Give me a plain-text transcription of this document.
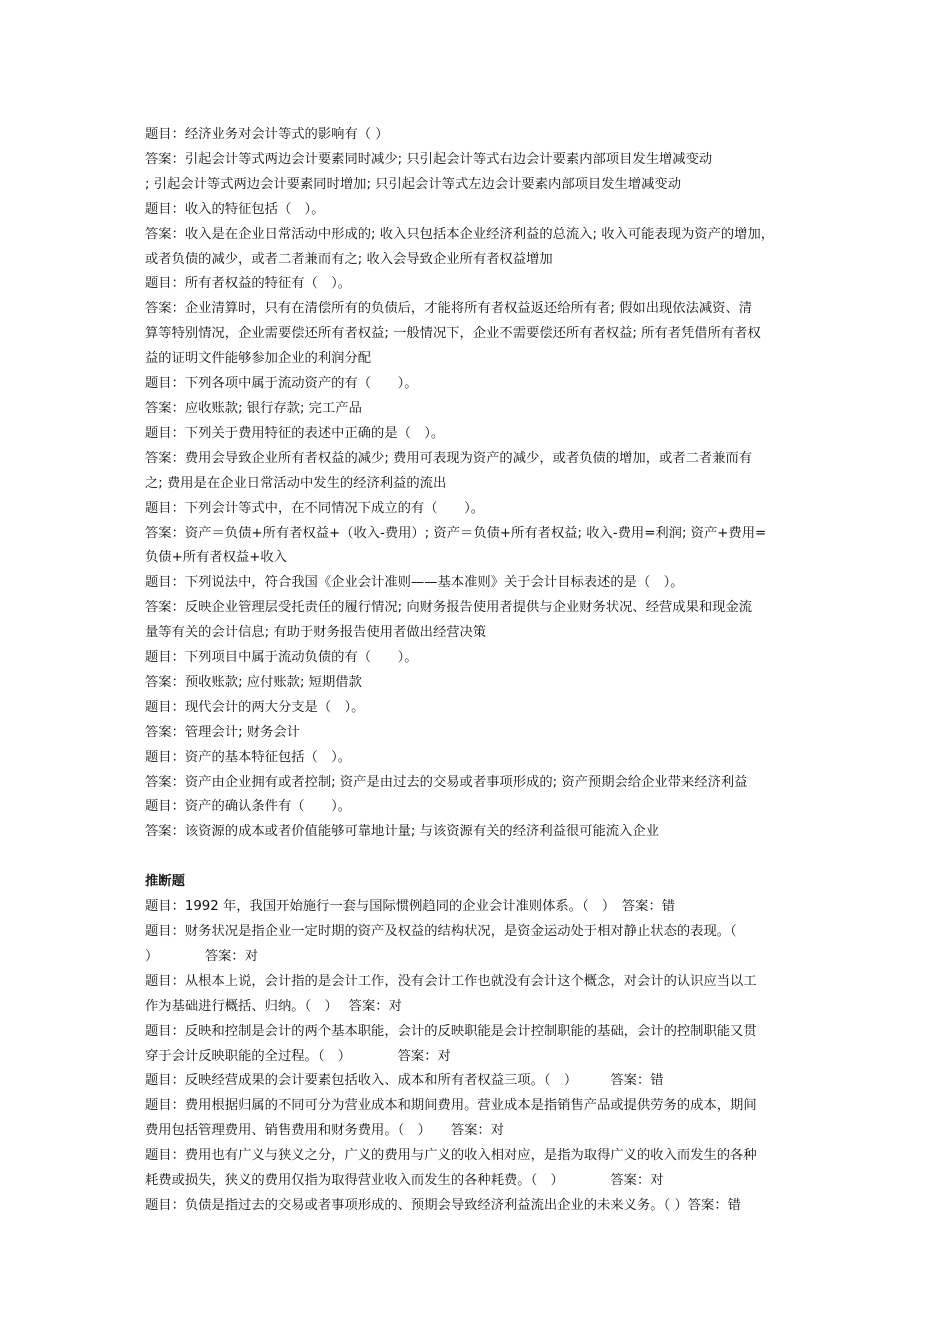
题目：经济业务对会计等式的影响有（ ）

答案：引起会计等式两边会计要素同时减少; 只引起会计等式右边会计要素内部项目发生增减变动

; 引起会计等式两边会计要素同时增加; 只引起会计等式左边会计要素内部项目发生增减变动

题目：收入的特征包括（　）。

答案：收入是在企业日常活动中形成的; 收入只包括本企业经济利益的总流入; 收入可能表现为资产的增加，

或者负债的减少，或者二者兼而有之; 收入会导致企业所有者权益增加

题目：所有者权益的特征有（　）。

答案：企业清算时，只有在清偿所有的负债后，才能将所有者权益返还给所有者; 假如出现依法减资、清

算等特别情况，企业需要偿还所有者权益; 一般情况下，企业不需要偿还所有者权益; 所有者凭借所有者权

益的证明文件能够参加企业的利润分配

题目：下列各项中属于流动资产的有（　　）。

答案：应收账款; 银行存款; 完工产品

题目：下列关于费用特征的表述中正确的是（　）。

答案：费用会导致企业所有者权益的减少; 费用可表现为资产的减少，或者负债的增加，或者二者兼而有

之; 费用是在企业日常活动中发生的经济利益的流出

题目：下列会计等式中，在不同情况下成立的有（　　）。

答案：资产＝负债+所有者权益+（收入-费用）; 资产＝负债+所有者权益; 收入-费用=利润; 资产+费用=

负债+所有者权益+收入

题目：下列说法中，符合我国《企业会计准则——基本准则》关于会计目标表述的是（　）。

答案：反映企业管理层受托责任的履行情况; 向财务报告使用者提供与企业财务状况、经营成果和现金流

量等有关的会计信息; 有助于财务报告使用者做出经营决策

题目：下列项目中属于流动负债的有（　　）。

答案：预收账款; 应付账款; 短期借款

题目：现代会计的两大分支是（　）。

答案：管理会计; 财务会计

题目：资产的基本特征包括（　）。

答案：资产由企业拥有或者控制; 资产是由过去的交易或者事项形成的; 资产预期会给企业带来经济利益

题目：资产的确认条件有（　　）。

答案：该资源的成本或者价值能够可靠地计量; 与该资源有关的经济利益很可能流入企业

推断题

题目：1992 年，我国开始施行一套与国际惯例趋同的企业会计准则体系。（　）　答案：错

题目：财务状况是指企业一定时期的资产及权益的结构状况，是资金运动处于相对静止状态的表现。（

）　　　　答案：对

题目：从根本上说，会计指的是会计工作，没有会计工作也就没有会计这个概念，对会计的认识应当以工

作为基础进行概括、归纳。（　）　 答案：对

题目：反映和控制是会计的两个基本职能，会计的反映职能是会计控制职能的基础，会计的控制职能又贯

穿于会计反映职能的全过程。（　）　　　　答案：对

题目：反映经营成果的会计要素包括收入、成本和所有者权益三项。（　）　　　答案：错

题目：费用根据归属的不同可分为营业成本和期间费用。营业成本是指销售产品或提供劳务的成本，期间

费用包括管理费用、销售费用和财务费用。（　）　　答案：对

题目：费用也有广义与狭义之分，广义的费用与广义的收入相对应，是指为取得广义的收入而发生的各种

耗费或损失，狭义的费用仅指为取得营业收入而发生的各种耗费。（　）　　　　答案：对

题目：负债是指过去的交易或者事项形成的、预期会导致经济利益流出企业的未来义务。（ ）答案：错
